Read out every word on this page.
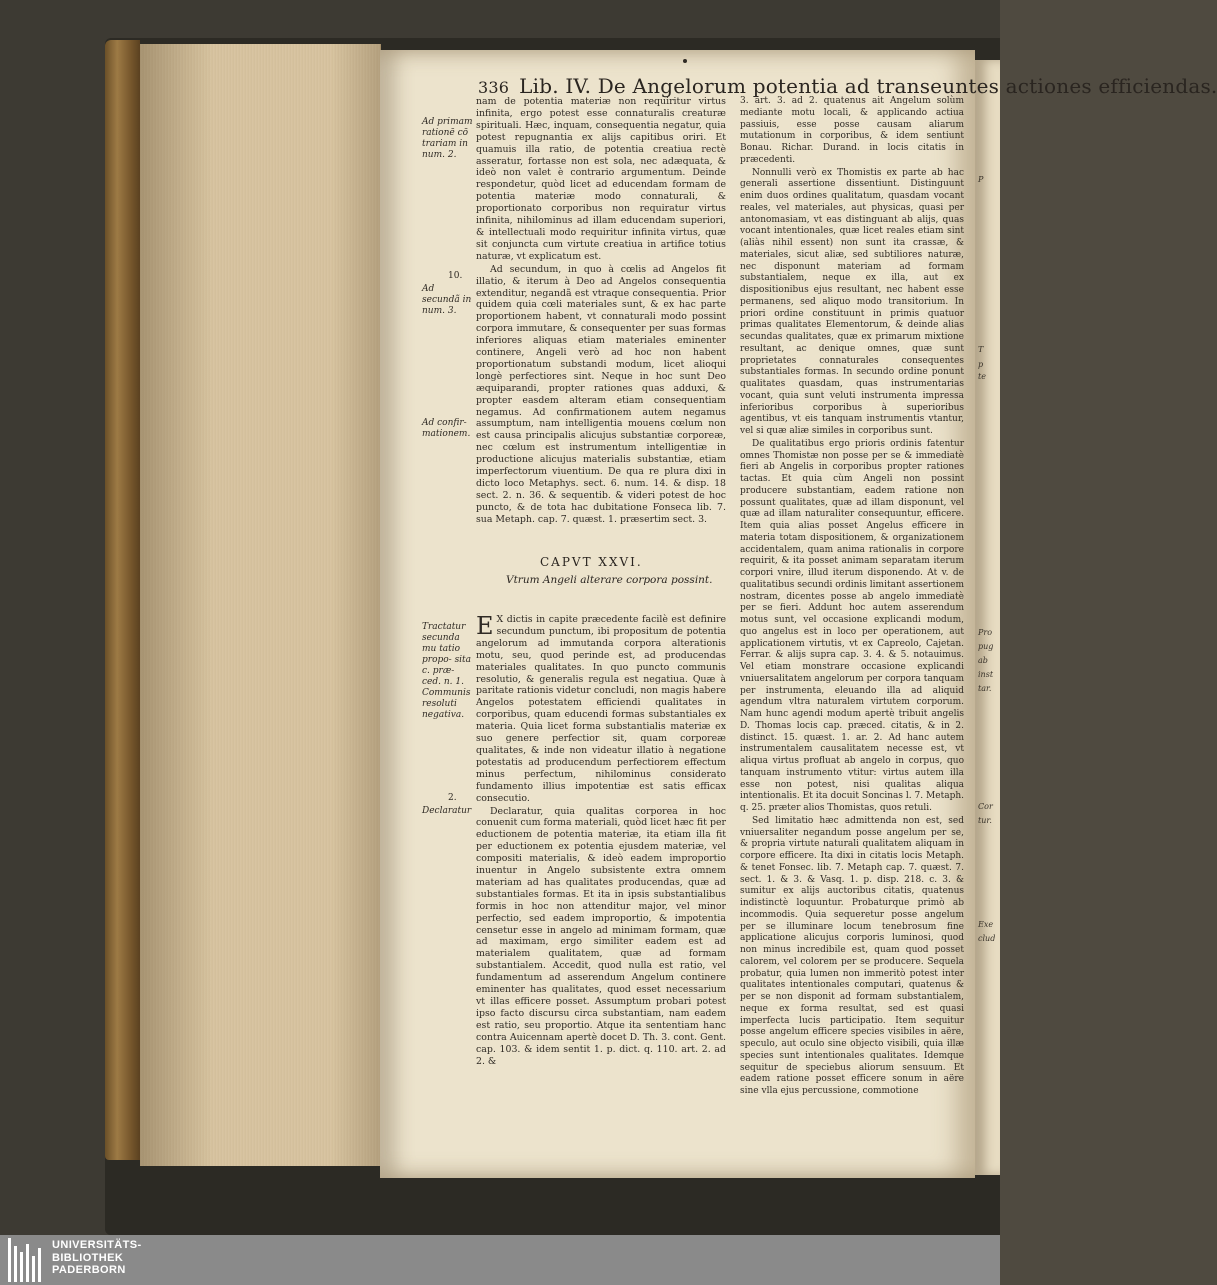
336 Lib. IV. De Angelorum potentia ad transeuntes actiones efficiendas.
Ad primam rationē cō trariam in num. 2.
10.
Ad secundã in num. 3.
Ad confir- mationem.
Tractatur secunda mu tatio propo- sita c. præ- ced. n. 1. Communis resoluti negativa.
2.
Declaratur

nam de potentia materiæ non requiritur virtus infinita, ergo potest esse connaturalis creaturæ spirituali. Hæc, inquam, consequentia negatur, quia potest repugnantia ex alijs capitibus oriri. Et quamuis illa ratio, de potentia creatiua rectè asseratur, fortasse non est sola, nec adæquata, & ideò non valet è contrario argumentum. Deinde respondetur, quòd licet ad educendam formam de potentia materiæ modo connaturali, & proportionato corporibus non requiratur virtus infinita, nihilominus ad illam educendam superiori, & intellectuali modo requiritur infinita virtus, quæ sit conjuncta cum virtute creatiua in artifice totius naturæ, vt explicatum est.

Ad secundum, in quo à cœlis ad Angelos fit illatio, & iterum à Deo ad Angelos consequentia extenditur, negandã est vtraque consequentia. Prior quidem quia cœli materiales sunt, & ex hac parte proportionem habent, vt connaturali modo possint corpora immutare, & consequenter per suas formas inferiores aliquas etiam materiales eminenter continere, Angeli verò ad hoc non habent proportionatum substandi modum, licet alioqui longè perfectiores sint. Neque in hoc sunt Deo æquiparandi, propter rationes quas adduxi, & propter easdem alteram etiam consequentiam negamus. Ad confirmationem autem negamus assumptum, nam intelligentia mouens cœlum non est causa principalis alicujus substantiæ corporeæ, nec cœlum est instrumentum intelligentiæ in productione alicujus materialis substantiæ, etiam imperfectorum viuentium. De qua re plura dixi in dicto loco Metaphys. sect. 6. num. 14. & disp. 18 sect. 2. n. 36. & sequentib. & videri potest de hoc puncto, & de tota hac dubitatione Fonseca lib. 7. sua Metaph. cap. 7. quæst. 1. præsertim sect. 3.

CAPVT XXVI.
Vtrum Angeli alterare corpora possint.

E X dictis in capite præcedente facilè est definire secundum punctum, ibi propositum de potentia angelorum ad immutanda corpora alterationis motu, seu, quod perinde est, ad producendas materiales qualitates. In quo puncto communis resolutio, & generalis regula est negatiua. Quæ à paritate rationis videtur concludi, non magis habere Angelos potestatem efficiendi qualitates in corporibus, quam educendi formas substantiales ex materia. Quia licet forma substantialis materiæ ex suo genere perfectior sit, quam corporeæ qualitates, & inde non videatur illatio à negatione potestatis ad producendum perfectiorem effectum minus perfectum, nihilominus considerato fundamento illius impotentiæ est satis efficax consecutio.

Declaratur, quia qualitas corporea in hoc conuenit cum forma materiali, quòd licet hæc fit per eductionem de potentia materiæ, ita etiam illa fit per eductionem ex potentia ejusdem materiæ, vel compositi materialis, & ideò eadem improportio inuentur in Angelo subsistente extra omnem materiam ad has qualitates producendas, quæ ad substantiales formas. Et ita in ipsis substantialibus formis in hoc non attenditur major, vel minor perfectio, sed eadem improportio, & impotentia censetur esse in angelo ad minimam formam, quæ ad maximam, ergo similiter eadem est ad materialem qualitatem, quæ ad formam substantialem. Accedit, quod nulla est ratio, vel fundamentum ad asserendum Angelum continere eminenter has qualitates, quod esset necessarium vt illas efficere posset. Assumptum probari potest ipso facto discursu circa substantiam, nam eadem est ratio, seu proportio. Atque ita sententiam hanc contra Auicennam apertè docet D. Th. 3. cont. Gent. cap. 103. & idem sentit 1. p. dict. q. 110. art. 2. ad 2. &

3. art. 3. ad 2. quatenus ait Angelum solùm mediante motu locali, & applicando actiua passiuis, esse posse causam aliarum mutationum in corporibus, & idem sentiunt Bonau. Richar. Durand. in locis citatis in præcedenti.

Nonnulli verò ex Thomistis ex parte ab hac generali assertione dissentiunt. Distinguunt enim duos ordines qualitatum, quasdam vocant reales, vel materiales, aut physicas, quasi per antonomasiam, vt eas distinguant ab alijs, quas vocant intentionales, quæ licet reales etiam sint (aliàs nihil essent) non sunt ita crassæ, & materiales, sicut aliæ, sed subtiliores naturæ, nec disponunt materiam ad formam substantialem, neque ex illa, aut ex dispositionibus ejus resultant, nec habent esse permanens, sed aliquo modo transitorium. In priori ordine constituunt in primis quatuor primas qualitates Elementorum, & deinde alias secundas qualitates, quæ ex primarum mixtione resultant, ac denique omnes, quæ sunt proprietates connaturales consequentes substantiales formas. In secundo ordine ponunt qualitates quasdam, quas instrumentarias vocant, quia sunt veluti instrumenta impressa inferioribus corporibus à superioribus agentibus, vt eis tanquam instrumentis vtantur, vel si quæ aliæ similes in corporibus sunt.

De qualitatibus ergo prioris ordinis fatentur omnes Thomistæ non posse per se & immediatè fieri ab Angelis in corporibus propter rationes tactas. Et quia cùm Angeli non possint producere substantiam, eadem ratione non possunt qualitates, quæ ad illam disponunt, vel quæ ad illam naturaliter consequuntur, efficere. Item quia alias posset Angelus efficere in materia totam dispositionem, & organizationem accidentalem, quam anima rationalis in corpore requirit, & ita posset animam separatam iterum corpori vnire, illud iterum disponendo. At v. de qualitatibus secundi ordinis limitant assertionem nostram, dicentes posse ab angelo immediatè per se fieri. Addunt hoc autem asserendum motus sunt, vel occasione explicandi modum, quo angelus est in loco per operationem, aut applicationem virtutis, vt ex Capreolo, Cajetan. Ferrar. & alijs supra cap. 3. 4. & 5. notauimus. Vel etiam monstrare occasione explicandi vniuersalitatem angelorum per corpora tanquam per instrumenta, eleuando illa ad aliquid agendum vltra naturalem virtutem corporum. Nam hunc agendi modum apertè tribuit angelis D. Thomas locis cap. præced. citatis, & in 2. distinct. 15. quæst. 1. ar. 2. Ad hanc autem instrumentalem causalitatem necesse est, vt aliqua virtus profluat ab angelo in corpus, quo tanquam instrumento vtitur: virtus autem illa esse non potest, nisi qualitas aliqua intentionalis. Et ita docuit Soncinas l. 7. Metaph. q. 25. præter alios Thomistas, quos retuli.

Sed limitatio hæc admittenda non est, sed vniuersaliter negandum posse angelum per se, & propria virtute naturali qualitatem aliquam in corpore efficere. Ita dixi in citatis locis Metaph. & tenet Fonsec. lib. 7. Metaph cap. 7. quæst. 7. sect. 1. & 3. & Vasq. 1. p. disp. 218. c. 3. & sumitur ex alijs auctoribus citatis, quatenus indistinctè loquuntur. Probaturque primò ab incommodis. Quia sequeretur posse angelum per se illuminare locum tenebrosum fine applicatione alicujus corporis luminosi, quod non minus incredibile est, quam quod posset calorem, vel colorem per se producere. Sequela probatur, quia lumen non immeritò potest inter qualitates intentionales computari, quatenus & per se non disponit ad formam substantialem, neque ex forma resultat, sed est quasi imperfecta lucis participatio. Item sequitur posse angelum efficere species visibiles in aëre, speculo, aut oculo sine objecto visibili, quia illæ species sunt intentionales qualitates. Idemque sequitur de speciebus aliorum sensuum. Et eadem ratione posset efficere sonum in aëre sine vlla ejus percussione, commotione

P
T
p
te
Pro
pug
ab
inst
tar.
Cor
tur.
Exe
clud
UNIVERSITÄTS-
BIBLIOTHEK
PADERBORN
